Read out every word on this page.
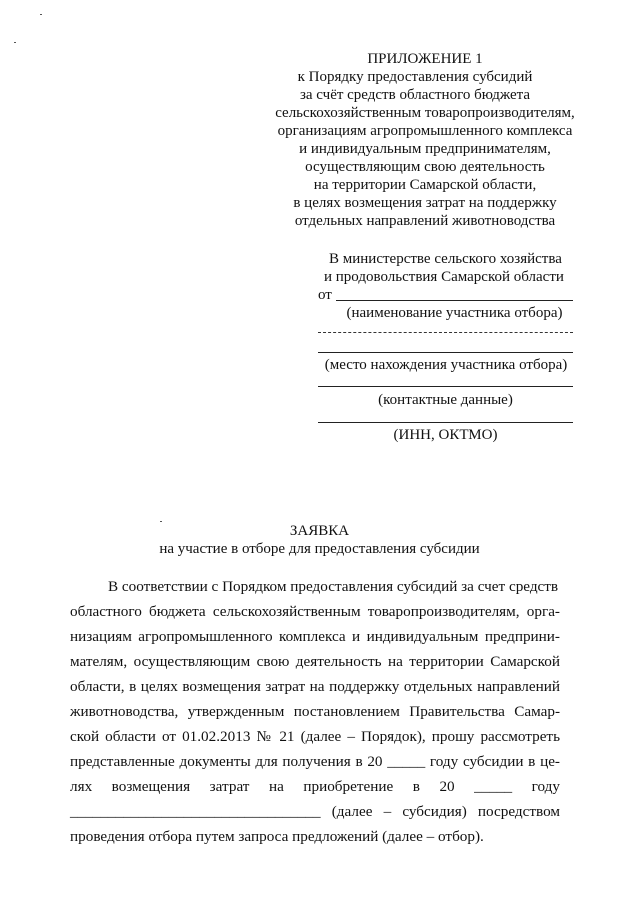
ПРИЛОЖЕНИЕ 1
к Порядку предоставления субсидий
за счёт средств областного бюджета
сельскохозяйственным товаропроизводителям,
организациям агропромышленного комплекса
и индивидуальным предпринимателям,
осуществляющим свою деятельность
на территории Самарской области,
в целях возмещения затрат на поддержку
отдельных направлений животноводства
В министерстве сельского хозяйства
и продовольствия Самарской области
от
(наименование участника отбора)
(место нахождения участника отбора)
(контактные данные)
(ИНН, ОКТМО)
ЗАЯВКА
на участие в отборе для предоставления субсидии
В соответствии с Порядком предоставления субсидий за счет средств
областного бюджета сельскохозяйственным товаропроизводителям, орга-
низациям агропромышленного комплекса и индивидуальным предприни-
мателям, осуществляющим свою деятельность на территории Самарской
области, в целях возмещения затрат на поддержку отдельных направлений
животноводства, утвержденным постановлением Правительства Самар-
ской области от 01.02.2013 № 21 (далее – Порядок), прошу рассмотреть
представленные документы для получения в 20 _____ году субсидии в це-
лях возмещения затрат на приобретение в 20 _____ году
_________________________________ (далее – субсидия) посредством
проведения отбора путем запроса предложений (далее – отбор).
